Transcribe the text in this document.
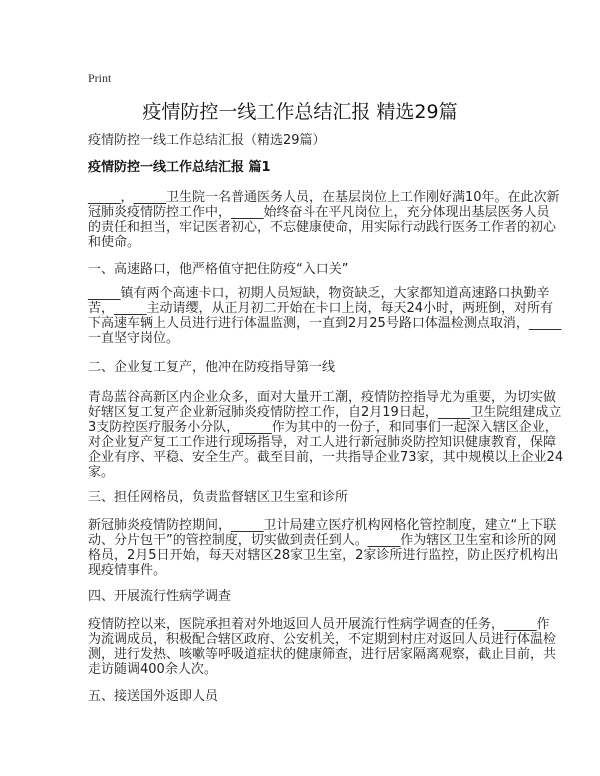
Print
疫情防控一线工作总结汇报 精选29篇
疫情防控一线工作总结汇报（精选29篇）
疫情防控一线工作总结汇报 篇1
_____，_____卫生院一名普通医务人员，在基层岗位上工作刚好满10年。在此次新
冠肺炎疫情防控工作中，_____始终奋斗在平凡岗位上，充分体现出基层医务人员
的责任和担当，牢记医者初心，不忘健康使命，用实际行动践行医务工作者的初心
和使命。
一、高速路口，他严格值守把住防疫“入口关”
_____镇有两个高速卡口，初期人员短缺，物资缺乏，大家都知道高速路口执勤辛
苦，_____主动请缨，从正月初二开始在卡口上岗，每天24小时，两班倒，对所有
下高速车辆上人员进行进行体温监测，一直到2月25号路口体温检测点取消，_____
一直坚守岗位。
二、企业复工复产，他冲在防疫指导第一线
青岛蓝谷高新区内企业众多，面对大量开工潮，疫情防控指导尤为重要，为切实做
好辖区复工复产企业新冠肺炎疫情防控工作，自2月19日起，_____卫生院组建成立
3支防控医疗服务小分队，_____作为其中的一份子，和同事们一起深入辖区企业，
对企业复产复工工作进行现场指导，对工人进行新冠肺炎防控知识健康教育，保障
企业有序、平稳、安全生产。截至目前，一共指导企业73家，其中规模以上企业24
家。
三、担任网格员，负责监督辖区卫生室和诊所
新冠肺炎疫情防控期间，_____卫计局建立医疗机构网格化管控制度，建立“上下联
动、分片包干”的管控制度，切实做到责任到人。_____作为辖区卫生室和诊所的网
格员，2月5日开始，每天对辖区28家卫生室，2家诊所进行监控，防止医疗机构出
现疫情事件。
四、开展流行性病学调查
疫情防控以来，医院承担着对外地返回人员开展流行性病学调查的任务，_____作
为流调成员，积极配合辖区政府、公安机关，不定期到村庄对返回人员进行体温检
测，进行发热、咳嗽等呼吸道症状的健康筛查，进行居家隔离观察，截止目前，共
走访随调400余人次。
五、接送国外返即人员
